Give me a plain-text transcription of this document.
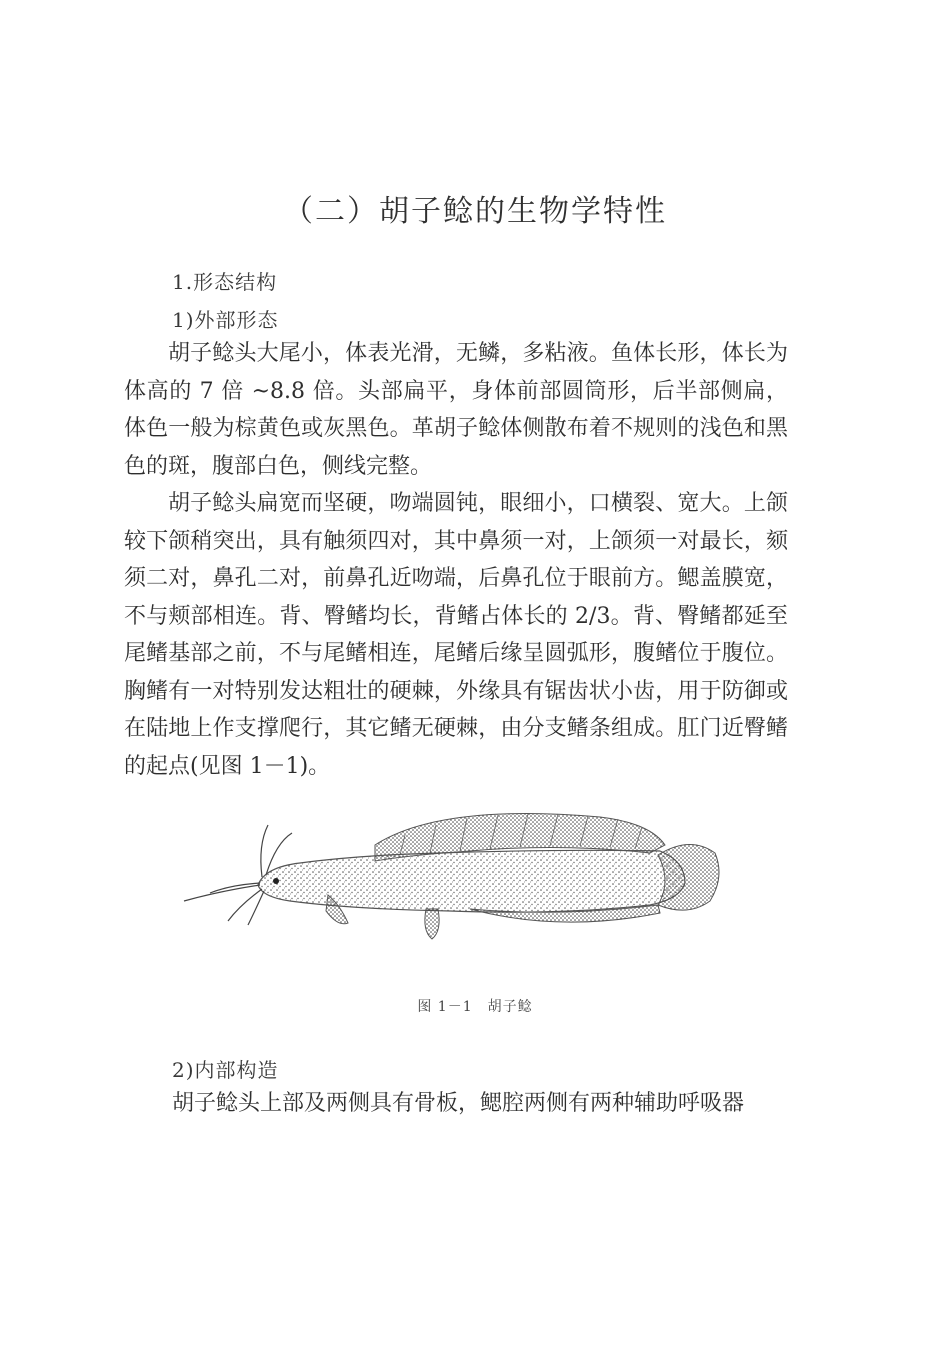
（二）胡子鲶的生物学特性
1.形态结构
1)外部形态

胡子鲶头大尾小，体表光滑，无鳞，多粘液。鱼体长形，体长为体高的 7 倍 ~8.8 倍。头部扁平，身体前部圆筒形，后半部侧扁，体色一般为棕黄色或灰黑色。革胡子鲶体侧散布着不规则的浅色和黑色的斑，腹部白色，侧线完整。

胡子鲶头扁宽而坚硬，吻端圆钝，眼细小，口横裂、宽大。上颌较下颌稍突出，具有触须四对，其中鼻须一对，上颌须一对最长，颏须二对，鼻孔二对，前鼻孔近吻端，后鼻孔位于眼前方。鳃盖膜宽，不与颊部相连。背、臀鳍均长，背鳍占体长的 2/3。背、臀鳍都延至尾鳍基部之前，不与尾鳍相连，尾鳍后缘呈圆弧形，腹鳍位于腹位。胸鳍有一对特别发达粗壮的硬棘，外缘具有锯齿状小齿，用于防御或在陆地上作支撑爬行，其它鳍无硬棘，由分支鳍条组成。肛门近臀鳍的起点(见图 1－1)。

图 1－1　胡子鲶
2)内部构造

胡子鲶头上部及两侧具有骨板，鳃腔两侧有两种辅助呼吸器
